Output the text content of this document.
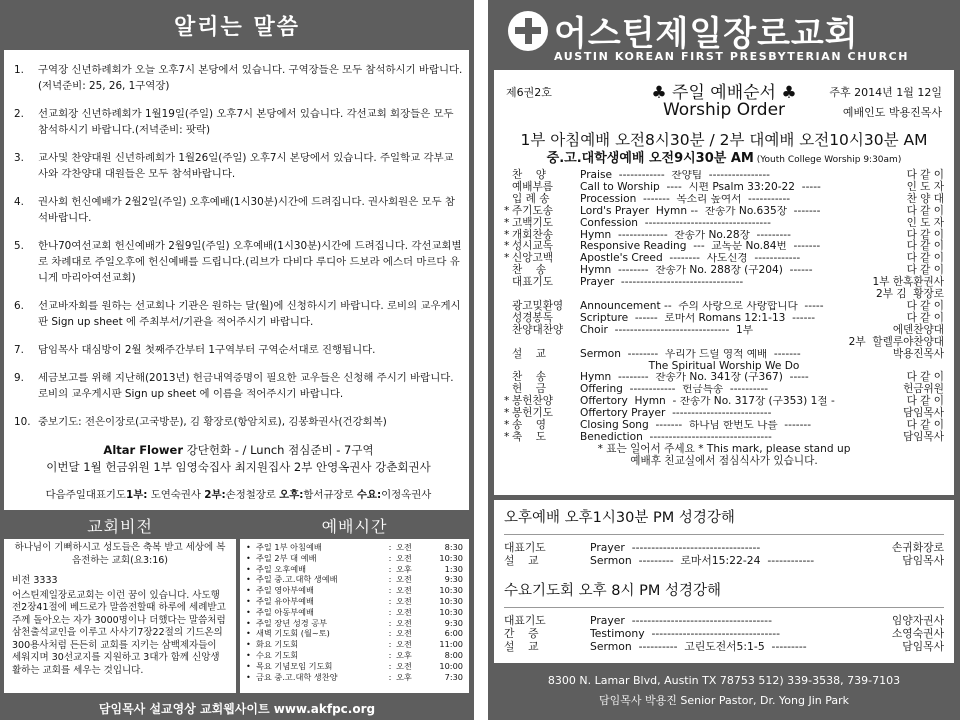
알리는 말씀
1.	구역장 신년하례회가 오늘 오후7시 본당에서 있습니다. 구역장들은 모두 참석하시기 바랍니다. (저녁준비: 25, 26, 1구역장)
2.	선교회장 신년하례회가 1월19일(주일) 오후7시 본당에서 있습니다. 각선교회 회장들은 모두 참석하시기 바랍니다.(저녁준비: 팟락)
3.	교사및 찬양대원 신년하례회가 1월26일(주일) 오후7시 본당에서 있습니다. 주일학교 각부교사와 각찬양대 대원들은 모두 참석바랍니다.
4.	권사회 헌신예배가 2월2일(주일) 오후예배(1시30분)시간에 드려집니다. 권사회원은 모두 참석바랍니다.
5.	한나70여선교회 헌신예배가 2월9일(주일) 오후예배(1시30분)시간에 드려집니다. 각선교회별로 차례대로 주일오후에 헌신예배를 드립니다.(리브가 다비다 루디아 드보라 에스더 마르다 유니게 마리아여선교회)
6.	선교바자회를 원하는 선교회나 기관은 원하는 달(월)에 신청하시기 바랍니다. 로비의 교우게시판 Sign up sheet 에 주최부서/기관을 적어주시기 바랍니다.
7.	담임목사 대심방이 2월 첫째주간부터 1구역부터 구역순서대로 진행됩니다.
9.	세금보고를 위해 지난해(2013년) 헌금내역증명이 필요한 교우들은 신청해 주시기 바랍니다. 로비의 교우게시판 Sign up sheet 에 이름을 적어주시기 바랍니다.
10. 중보기도: 전은이장로(고국방문), 김 황장로(항암치료), 김봉화권사(건강회복)
Altar Flower 강단헌화 - / Lunch 점심준비 - 7구역
이번달 1월 헌금위원 1부 임영숙집사 최지원집사 2부 안영옥권사 강춘회권사
다음주일대표기도1부: 도연숙권사 2부:손정철장로 오후:함서규장로 수요:이정옥권사
교회비전	예배시간
하나님이 기뻐하시고 성도들은 축복 받고 세상에 복음전하는 교회(요3:16)
비전 3333
어스틴제일장로교회는 이런 꿈이 있습니다. 사도행전2장41절에 베드로가 말씀전할때 하루에 세례받고 주께 돌아오는 자가 3000명이나 더했다는 말씀처럼 삼천출석교인을 이루고 사사기7장22절의 기드온의 300용사처럼 든든히 교회를 지키는 삼백제자들이 세워지며 30선교지를 지원하고 3대가 함께 신앙생활하는 교회를 세우는 것입니다.
•	주일 1부 아침예배	:	오전	8:30
•	주일 2부 대 예배	:	오전	10:30
•	주일 오후예배	:	오후	1:30
•	주일 중.고.대학 생예배	:	오전	9:30
•	주일 영아부예배	:	오전	10:30
•	주일 유아부예배	:	오전	10:30
•	주일 아동부예배	:	오전	10:30
•	주일 장년 성경 공부	:	오전	9:30
•	새벽 기도회 (월~토)	:	오전	6:00
•	화요 기도회	:	오전	11:00
•	수요 기도회	:	오후	8:00
•	목요 기념모임 기도회	:	오전	10:00
•	금요 중.고.대학 생찬양	:	오후	7:30
담임목사 설교영상 교회웹사이트 www.akfpc.org
어스틴제일장로교회
AUSTIN KOREAN FIRST PRESBYTERIAN CHURCH
제6권2호	♣ 주일 예배순서 ♣
Worship Order
주후 2014년 1월 12일
예배인도 박용진목사
1부 아침예배 오전8시30분 / 2부 대예배 오전10시30분 AM
중.고.대학생예배 오전9시30분 AM (Youth College Worship 9:30am)
찬    양	Praise  ------------  찬양팀  ----------------	다 같 이
예배부름	Call to Worship  ----  시편 Psalm 33:20-22  -----	인 도 자
입 례 송	Procession  -------  목소리 높여서  -----------	찬 양 대
* 주기도송	Lord's Prayer  Hymn --  찬송가 No.635장  -------	다 같 이
* 고백기도	Confession  ---------------------------------	인 도 자
* 개회찬송	Hymn  -------------  찬송가 No.28장  ---------	다 같 이
* 성시교독	Responsive Reading  ---  교독문 No.84번  -------	다 같 이
* 신앙고백	Apostle's Creed  --------  사도신경  ------------	다 같 이
찬    송	Hymn  --------  찬송가 No. 288장 (구204)  ------	다 같 이
대표기도	Prayer  --------------------------------	1부 한혹환권사
2부 김  황장로
광고및환영	Announcement --  주의 사랑으로 사랑합니다  -----	다 같 이
성경봉독	Scripture  ------  로마서 Romans 12:1-13  ------	다 같 이
찬양대찬양	Choir  ------------------------------  1부	에덴찬양대
2부  할렐루야찬양대
설    교	Sermon  --------  우리가 드릴 영적 예배  -------	박용진목사
The Spiritual Worship We Do
찬    송	Hymn  --------  찬송가 No. 341장 (구367)  -----	다 같 이
헌    금	Offering  ------------  헌금특송  ----------	헌금위원
* 봉헌찬양	Offertory  Hymn  - 찬송가 No. 317장 (구353) 1절 -	다 같 이
* 봉헌기도	Offertory Prayer  --------------------------	담임목사
* 송    영	Closing Song  -------  하나님 한번도 나를  -------	다 같 이
* 축    도	Benediction  --------------------------------	담임목사
* 표는 일어서 주세요 * This mark, please stand up
예배후 친교실에서 점심식사가 있습니다.
오후예배 오후1시30분 PM 성경강해
대표기도	Prayer  ---------------------------------	손귀화장로
설    교	Sermon  ---------  로마서15:22-24  ------------	담임목사
수요기도회 오후 8시 PM 성경강해
대표기도	Prayer  ------------------------------------	임양자권사
간    증	Testimony  ---------------------------------	소영숙권사
설    교	Sermon  ----------  고린도전서5:1-5  ---------	담임목사
8300 N. Lamar Blvd, Austin TX 78753 512) 339-3538, 739-7103
담임목사 박용진 Senior Pastor, Dr. Yong Jin Park
